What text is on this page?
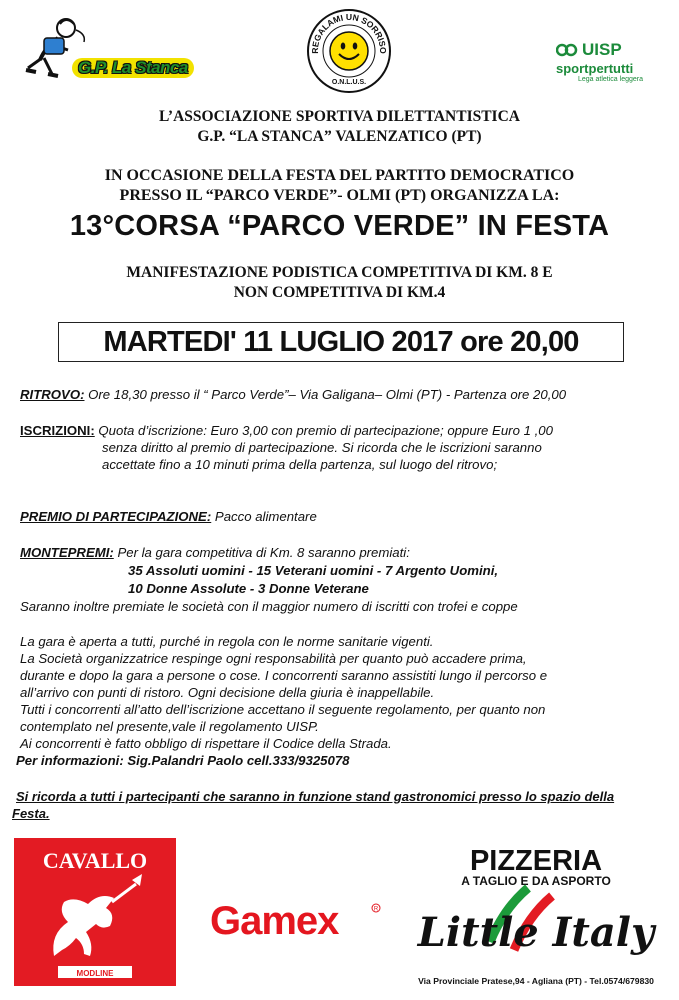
G.P. La Stanca
REGALAMI UN SORRISO
O.N.L.U.S.
UISP
sportpertutti
Lega atletica leggera
L’ASSOCIAZIONE SPORTIVA DILETTANTISTICA
G.P. “LA STANCA” VALENZATICO (PT)
IN OCCASIONE DELLA FESTA DEL PARTITO DEMOCRATICO
PRESSO IL “PARCO VERDE”- OLMI (PT) ORGANIZZA LA:
13°CORSA “PARCO VERDE” IN FESTA
MANIFESTAZIONE PODISTICA COMPETITIVA DI KM. 8 E
NON COMPETITIVA DI KM.4
MARTEDI' 11 LUGLIO 2017 ore 20,00
RITROVO: Ore 18,30 presso il “ Parco Verde”– Via Galigana– Olmi (PT) - Partenza ore 20,00
ISCRIZIONI: Quota d’iscrizione: Euro 3,00 con premio di partecipazione; oppure Euro 1 ,00
senza diritto al premio di partecipazione. Si ricorda che le iscrizioni saranno
accettate fino a 10 minuti prima della partenza, sul luogo del ritrovo;
PREMIO DI PARTECIPAZIONE: Pacco alimentare
MONTEPREMI: Per la gara competitiva di Km. 8 saranno premiati:
35 Assoluti uomini - 15 Veterani uomini - 7 Argento Uomini,
10 Donne Assolute - 3 Donne Veterane
Saranno inoltre premiate le società con il maggior numero di iscritti con trofei e coppe
La gara è aperta a tutti, purché in regola con le norme sanitarie vigenti.
La Società organizzatrice respinge ogni responsabilità per quanto può accadere prima,
durante e dopo la gara a persone o cose. I concorrenti saranno assistiti lungo il percorso e
all’arrivo con punti di ristoro. Ogni decisione della giuria è inappellabile.
Tutti i concorrenti all’atto dell’iscrizione accettano il seguente regolamento, per quanto non
contemplato nel presente,vale il regolamento UISP.
Ai concorrenti è fatto obbligo di rispettare il Codice della Strada.
Per informazioni: Sig.Palandri Paolo cell.333/9325078
Si ricorda a tutti i partecipanti che saranno in funzione stand gastronomici presso lo spazio della
Festa.
CAVALLO
MODLINE
Gamex	R
PIZZERIA
A TAGLIO E DA ASPORTO
Little Italy
Via Provinciale Pratese,94 - Agliana (PT) - Tel.0574/679830
